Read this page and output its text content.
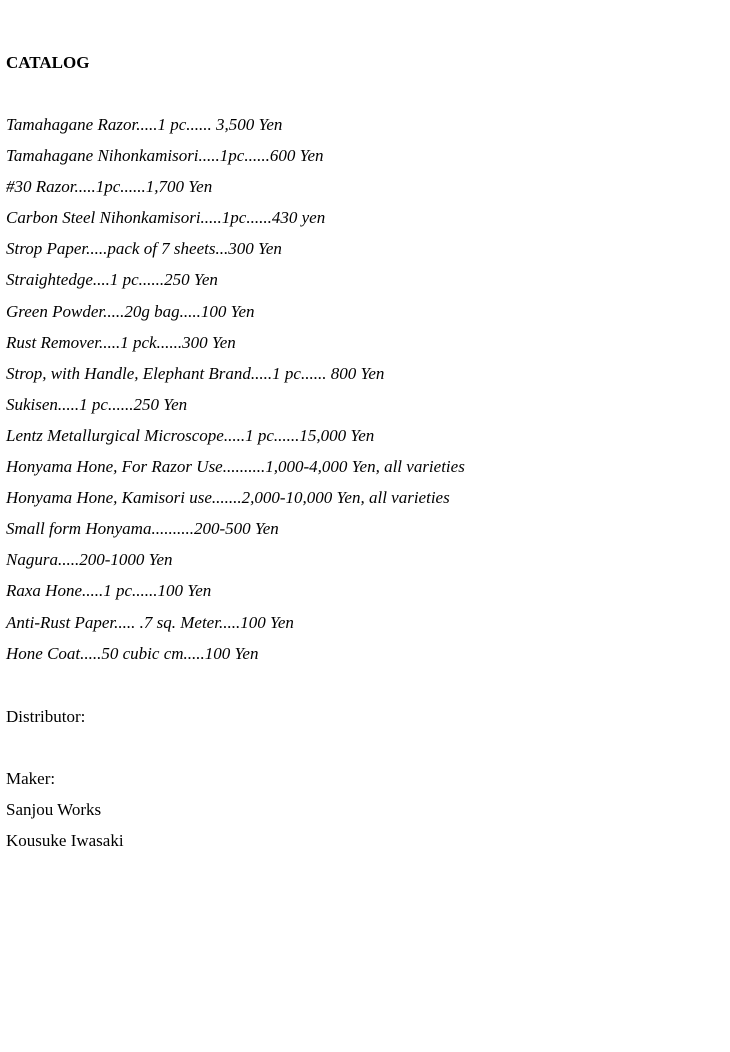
CATALOG
Tamahagane Razor.....1 pc...... 3,500 Yen
Tamahagane Nihonkamisori.....1pc......600 Yen
#30 Razor.....1pc......1,700 Yen
Carbon Steel Nihonkamisori.....1pc......430 yen
Strop Paper.....pack of 7 sheets...300 Yen
Straightedge....1 pc......250 Yen
Green Powder.....20g bag.....100 Yen
Rust Remover.....1 pck......300 Yen
Strop, with Handle, Elephant Brand.....1 pc...... 800 Yen
Sukisen.....1 pc......250 Yen
Lentz Metallurgical Microscope.....1 pc......15,000 Yen
Honyama Hone, For Razor Use..........1,000-4,000 Yen, all varieties
Honyama Hone, Kamisori use.......2,000-10,000 Yen, all varieties
Small form Honyama..........200-500 Yen
Nagura.....200-1000 Yen
Raxa Hone.....1 pc......100 Yen
Anti-Rust Paper..... .7 sq. Meter.....100 Yen
Hone Coat.....50 cubic cm.....100 Yen
Distributor:
Maker:
Sanjou Works
Kousuke Iwasaki
